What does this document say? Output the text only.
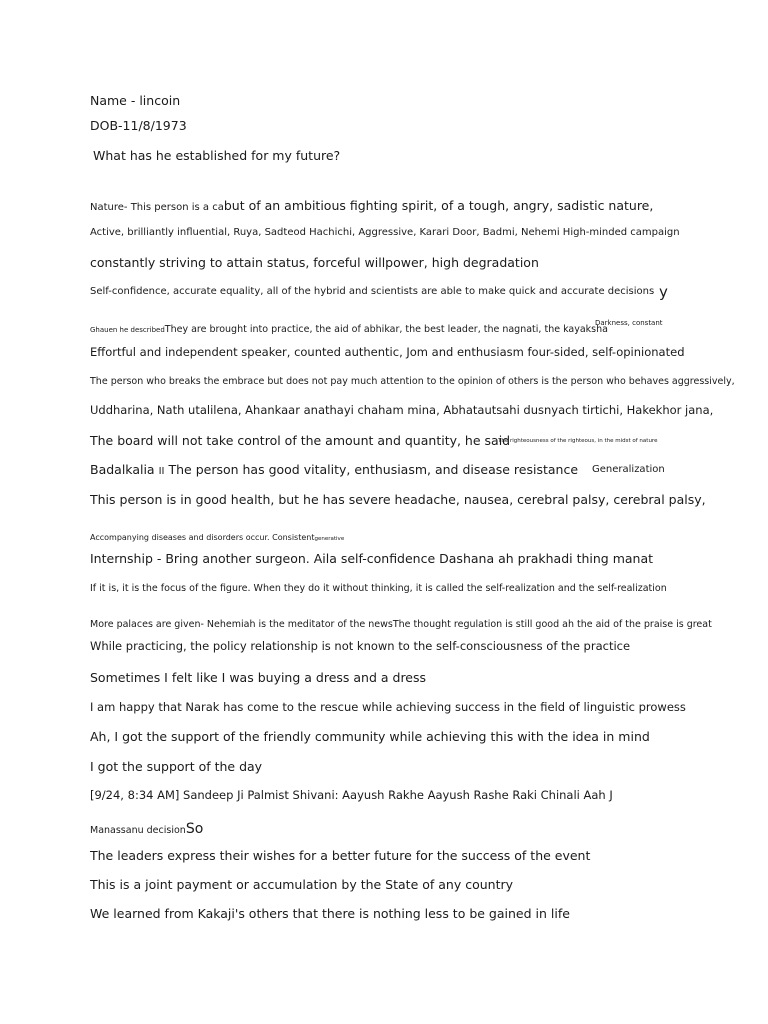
Name - lincoin

DOB-11/8/1973

What has he established for my future?

Nature- This person is a cabut of an ambitious fighting spirit, of a tough, angry, sadistic nature,

Active, brilliantly influential, Ruya, Sadteod Hachichi, Aggressive, Karari Door, Badmi, Nehemi High-minded campaign

constantly striving to attain status, forceful willpower, high degradation

Self-confidence, accurate equality, all of the hybrid and scientists are able to make quick and accurate decisions y

Ghauen he describedThey are brought into practice, the aid of abhikar, the best leader, the nagnati, the kayaksha

Darkness, constant

Effortful and independent speaker, counted authentic, Jom and enthusiasm four-sided, self-opinionated

The person who breaks the embrace but does not pay much attention to the opinion of others is the person who behaves aggressively,

Uddharina, Nath utalilena, Ahankaar anathayi chaham mina, Abhatautsahi dusnyach tirtichi, Hakekhor jana,

The board will not take control of the amount and quantity, he said

The righteousness of the righteous, in the midst of nature

Badalkalia II The person has good vitality, enthusiasm, and disease resistance Generalization

This person is in good health, but he has severe headache, nausea, cerebral palsy, cerebral palsy,

Accompanying diseases and disorders occur. Consistentgenerative

Internship - Bring another surgeon. Aila self-confidence Dashana ah prakhadi thing manat

If it is, it is the focus of the figure. When they do it without thinking, it is called the self-realization and the self-realization

More palaces are given- Nehemiah is the meditator of the newsThe thought regulation is still good ah the aid of the praise is great

While practicing, the policy relationship is not known to the self-consciousness of the practice

Sometimes I felt like I was buying a dress and a dress

I am happy that Narak has come to the rescue while achieving success in the field of linguistic prowess

Ah, I got the support of the friendly community while achieving this with the idea in mind

I got the support of the day

[9/24, 8:34 AM] Sandeep Ji Palmist Shivani: Aayush Rakhe Aayush Rashe Raki Chinali Aah J

Manassanu decisionSo

The leaders express their wishes for a better future for the success of the event

This is a joint payment or accumulation by the State of any country

We learned from Kakaji's others that there is nothing less to be gained in life
